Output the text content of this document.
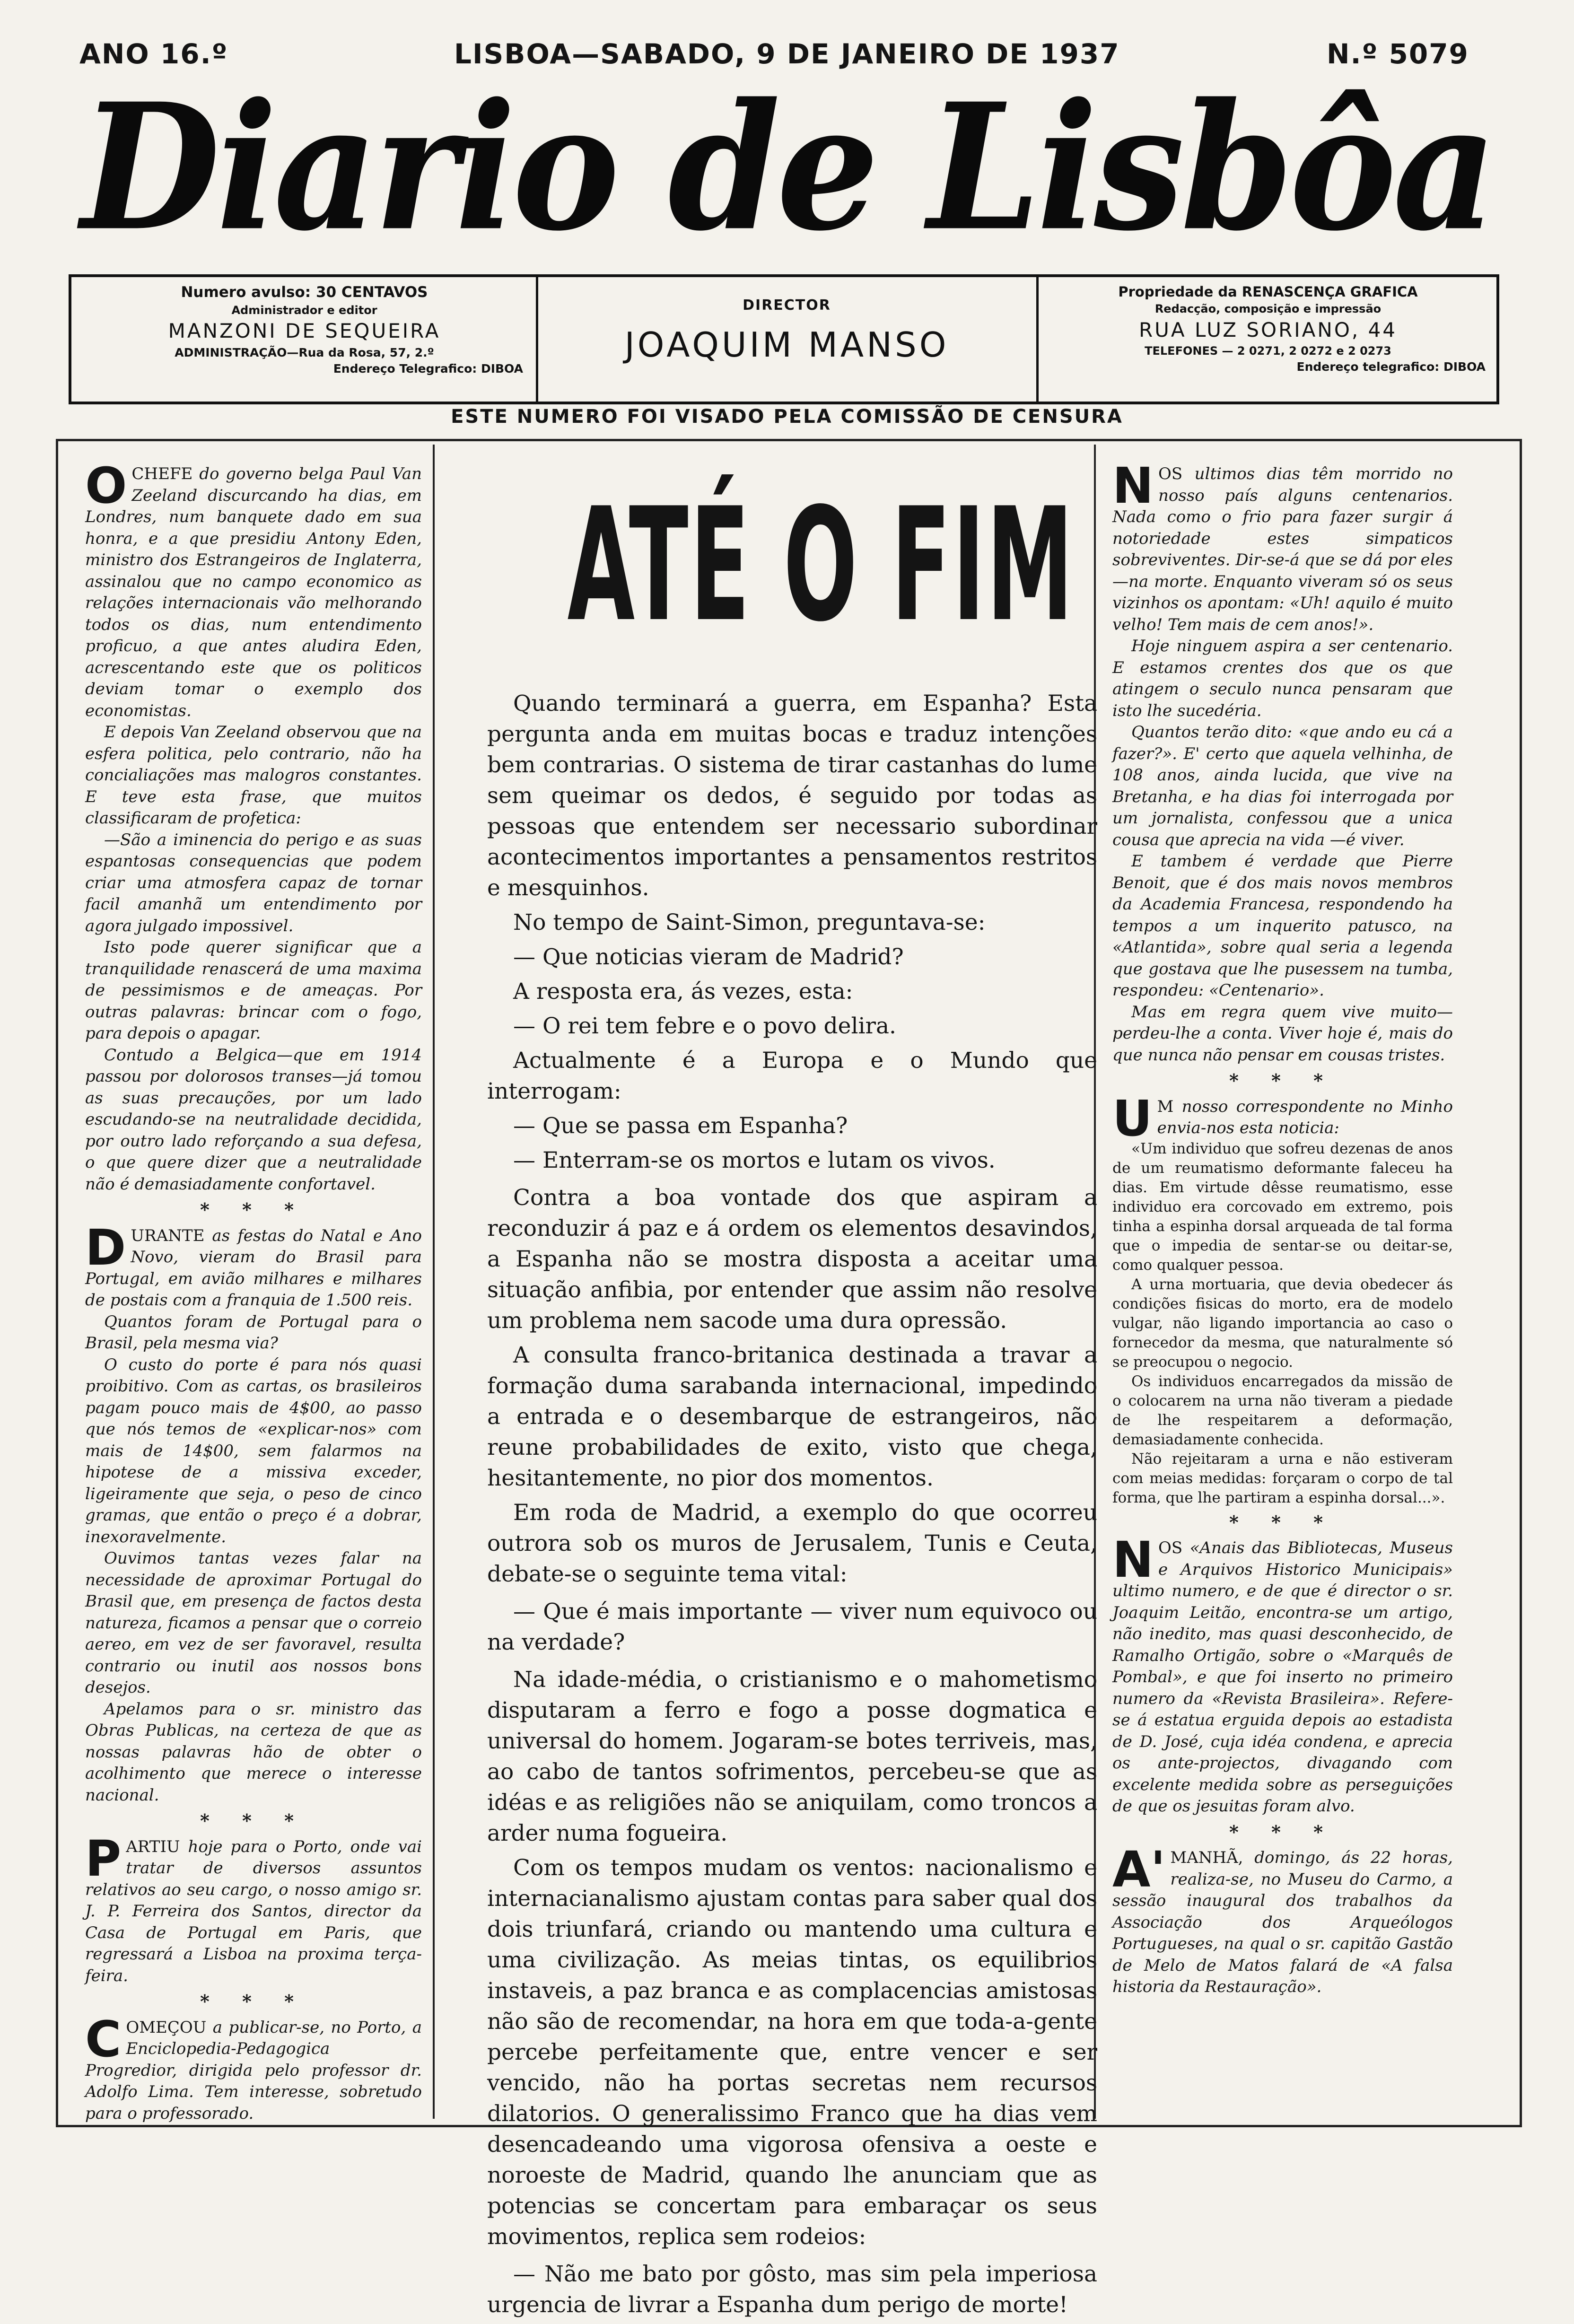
ANO 16.º	LISBOA—SABADO, 9 DE JANEIRO DE 1937	N.º 5079
Diario de Lisbôa
Numero avulso: 30 CENTAVOS
Administrador e editor
MANZONI DE SEQUEIRA
ADMINISTRAÇÃO—Rua da Rosa, 57, 2.º
Endereço Telegrafico: DIBOA
DIRECTOR
JOAQUIM MANSO
Propriedade da RENASCENÇA GRAFICA
Redacção, composição e impressão
RUA LUZ SORIANO, 44
TELEFONES — 2 0271, 2 0272 e 2 0273
Endereço telegrafico: DIBOA
ESTE NUMERO FOI VISADO PELA COMISSÃO DE CENSURA

OCHEFE do governo belga Paul Van Zeeland discurcando ha dias, em Londres, num banquete dado em sua honra, e a que presidiu Antony Eden, ministro dos Estrangeiros de Inglaterra, assinalou que no campo economico as relações internacionais vão melhorando todos os dias, num entendimento proficuo, a que antes aludira Eden, acrescentando este que os politicos deviam tomar o exemplo dos economistas.

E depois Van Zeeland observou que na esfera politica, pelo contrario, não ha concialiações mas malogros constantes. E teve esta frase, que muitos classificaram de profetica:

—São a iminencia do perigo e as suas espantosas consequencias que podem criar uma atmosfera capaz de tornar facil amanhã um entendimento por agora julgado impossivel.

Isto pode querer significar que a tranquilidade renascerá de uma maxima de pessimismos e de ameaças. Por outras palavras: brincar com o fogo, para depois o apagar.

Contudo a Belgica—que em 1914 passou por dolorosos transes—já tomou as suas precauções, por um lado escudando-se na neutralidade decidida, por outro lado reforçando a sua defesa, o que quere dizer que a neutralidade não é demasiadamente confortavel.

* * *

DURANTE as festas do Natal e Ano Novo, vieram do Brasil para Portugal, em avião milhares e milhares de postais com a franquia de 1.500 reis.

Quantos foram de Portugal para o Brasil, pela mesma via?

O custo do porte é para nós quasi proibitivo. Com as cartas, os brasileiros pagam pouco mais de 4$00, ao passo que nós temos de «explicar-nos» com mais de 14$00, sem falarmos na hipotese de a missiva exceder, ligeiramente que seja, o peso de cinco gramas, que então o preço é a dobrar, inexoravelmente.

Ouvimos tantas vezes falar na necessidade de aproximar Portugal do Brasil que, em presença de factos desta natureza, ficamos a pensar que o correio aereo, em vez de ser favoravel, resulta contrario ou inutil aos nossos bons desejos.

Apelamos para o sr. ministro das Obras Publicas, na certeza de que as nossas palavras hão de obter o acolhimento que merece o interesse nacional.

* * *

PARTIU hoje para o Porto, onde vai tratar de diversos assuntos relativos ao seu cargo, o nosso amigo sr. J. P. Ferreira dos Santos, director da Casa de Portugal em Paris, que regressará a Lisboa na proxima terça-feira.

* * *

COMEÇOU a publicar-se, no Porto, a Enciclopedia-Pedagogica Progredior, dirigida pelo professor dr. Adolfo Lima. Tem interesse, sobretudo para o professorado.

ATÉ O FIM

Quando terminará a guerra, em Espanha? Esta pergunta anda em muitas bocas e traduz intenções bem contrarias. O sistema de tirar castanhas do lume sem queimar os dedos, é seguido por todas as pessoas que entendem ser necessario subordinar acontecimentos importantes a pensamentos restritos e mesquinhos.

No tempo de Saint-Simon, preguntava-se:

— Que noticias vieram de Madrid?

A resposta era, ás vezes, esta:

— O rei tem febre e o povo delira.

Actualmente é a Europa e o Mundo que interrogam:

— Que se passa em Espanha?

— Enterram-se os mortos e lutam os vivos.

Contra a boa vontade dos que aspiram a reconduzir á paz e á ordem os elementos desavindos, a Espanha não se mostra disposta a aceitar uma situação anfibia, por entender que assim não resolve um problema nem sacode uma dura opressão.

A consulta franco-britanica destinada a travar a formação duma sarabanda internacional, impedindo a entrada e o desembarque de estrangeiros, não reune probabilidades de exito, visto que chega, hesitantemente, no pior dos momentos.

Em roda de Madrid, a exemplo do que ocorreu outrora sob os muros de Jerusalem, Tunis e Ceuta, debate-se o seguinte tema vital:

— Que é mais importante — viver num equivoco ou na verdade?

Na idade-média, o cristianismo e o mahometismo disputaram a ferro e fogo a posse dogmatica e universal do homem. Jogaram-se botes terriveis, mas, ao cabo de tantos sofrimentos, percebeu-se que as idéas e as religiões não se aniquilam, como troncos a arder numa fogueira.

Com os tempos mudam os ventos: nacionalismo e internacianalismo ajustam contas para saber qual dos dois triunfará, criando ou mantendo uma cultura e uma civilização. As meias tintas, os equilibrios instaveis, a paz branca e as complacencias amistosas não são de recomendar, na hora em que toda-a-gente percebe perfeitamente que, entre vencer e ser vencido, não ha portas secretas nem recursos dilatorios. O generalissimo Franco que ha dias vem desencadeando uma vigorosa ofensiva a oeste e noroeste de Madrid, quando lhe anunciam que as potencias se concertam para embaraçar os seus movimentos, replica sem rodeios:

— Não me bato por gôsto, mas sim pela imperiosa urgencia de livrar a Espanha dum perigo de morte!

NOS ultimos dias têm morrido no nosso país alguns centenarios. Nada como o frio para fazer surgir á notoriedade estes simpaticos sobreviventes. Dir-se-á que se dá por eles—na morte. Enquanto viveram só os seus vizinhos os apontam: «Uh! aquilo é muito velho! Tem mais de cem anos!».

Hoje ninguem aspira a ser centenario. E estamos crentes dos que os que atingem o seculo nunca pensaram que isto lhe sucedéria.

Quantos terão dito: «que ando eu cá a fazer?». E' certo que aquela velhinha, de 108 anos, ainda lucida, que vive na Bretanha, e ha dias foi interrogada por um jornalista, confessou que a unica cousa que aprecia na vida —é viver.

E tambem é verdade que Pierre Benoit, que é dos mais novos membros da Academia Francesa, respondendo ha tempos a um inquerito patusco, na «Atlantida», sobre qual seria a legenda que gostava que lhe pusessem na tumba, respondeu: «Centenario».

Mas em regra quem vive muito—perdeu-lhe a conta. Viver hoje é, mais do que nunca não pensar em cousas tristes.

* * *

U M nosso correspondente no Minho envia-nos esta noticia:

«Um individuo que sofreu dezenas de anos de um reumatismo deformante faleceu ha dias. Em virtude dêsse reumatismo, esse individuo era corcovado em extremo, pois tinha a espinha dorsal arqueada de tal forma que o impedia de sentar-se ou deitar-se, como qualquer pessoa.

A urna mortuaria, que devia obedecer ás condições fisicas do morto, era de modelo vulgar, não ligando importancia ao caso o fornecedor da mesma, que naturalmente só se preocupou o negocio.

Os individuos encarregados da missão de o colocarem na urna não tiveram a piedade de lhe respeitarem a deformação, demasiadamente conhecida.

Não rejeitaram a urna e não estiveram com meias medidas: forçaram o corpo de tal forma, que lhe partiram a espinha dorsal...».

* * *

NOS «Anais das Bibliotecas, Museus e Arquivos Historico Municipais» ultimo numero, e de que é director o sr. Joaquim Leitão, encontra-se um artigo, não inedito, mas quasi desconhecido, de Ramalho Ortigão, sobre o «Marquês de Pombal», e que foi inserto no primeiro numero da «Revista Brasileira». Refere-se á estatua erguida depois ao estadista de D. José, cuja idéa condena, e aprecia os ante-projectos, divagando com excelente medida sobre as perseguições de que os jesuitas foram alvo.

* * *

A' MANHÃ, domingo, ás 22 horas, realiza-se, no Museu do Carmo, a sessão inaugural dos trabalhos da Associação dos Arqueólogos Portugueses, na qual o sr. capitão Gastão de Melo de Matos falará de «A falsa historia da Restauração».
